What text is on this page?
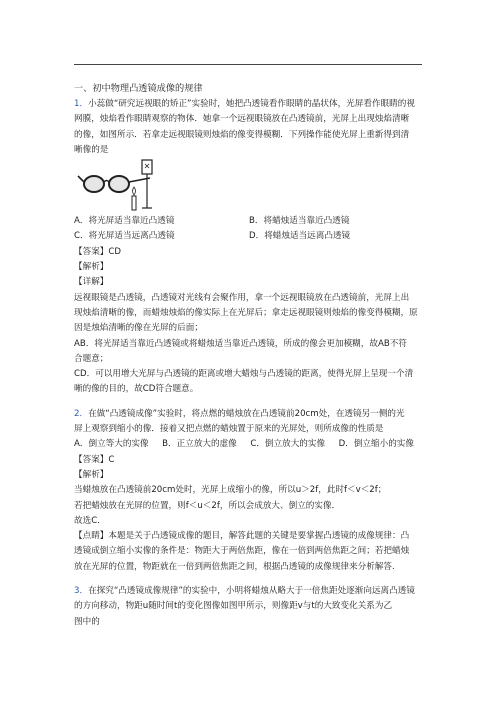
一、初中物理凸透镜成像的规律

1．小蕊做“研究远视眼的矫正”实验时，她把凸透镜看作眼睛的晶状体，光屏看作眼睛的视

网膜，烛焰看作眼睛观察的物体．她拿一个远视眼镜放在凸透镜前，光屏上出现烛焰清晰

的像，如图所示．若拿走远视眼镜则烛焰的像变得模糊．下列操作能使光屏上重新得到清

晰像的是

A．将光屏适当靠近凸透镜	B．将蜡烛适当靠近凸透镜
C．将光屏适当远离凸透镜	D．将蜡烛适当远离凸透镜

【答案】CD

【解析】

【详解】

远视眼镜是凸透镜，凸透镜对光线有会聚作用，拿一个远视眼镜放在凸透镜前，光屏上出

现烛焰清晰的像，而蜡烛烛焰的像实际上在光屏后；拿走远视眼镜则烛焰的像变得模糊，原

因是烛焰清晰的像在光屏的后面；

AB．将光屏适当靠近凸透镜或将蜡烛适当靠近凸透镜，所成的像会更加模糊，故AB不符

合题意；

CD．可以用增大光屏与凸透镜的距离或增大蜡烛与凸透镜的距离，使得光屏上呈现一个清

晰的像的目的，故CD符合题意。

2．在做“凸透镜成像”实验时，将点燃的蜡烛放在凸透镜前20cm处，在透镜另一侧的光

屏上观察到缩小的像．接着又把点燃的蜡烛置于原来的光屏处，则所成像的性质是

A．倒立等大的实像 B．正立放大的虚像 C．倒立放大的实像 D．倒立缩小的实像

【答案】C

【解析】

当蜡烛放在凸透镜前20cm处时，光屏上成缩小的像，所以u＞2f，此时f＜v＜2f；

若把蜡烛放在光屏的位置，则f＜u＜2f，所以会成放大、倒立的实像．

故选C．

【点睛】本题是关于凸透镜成像的题目，解答此题的关键是要掌握凸透镜的成像规律：凸

透镜成倒立缩小实像的条件是：物距大于两倍焦距，像在一倍到两倍焦距之间；若把蜡烛

放在光屏的位置，物距就在一倍到两倍焦距之间，根据凸透镜的成像规律来分析解答.

3．在探究“凸透镜成像规律”的实验中，小明将蜡烛从略大于一倍焦距处逐渐向远离凸透镜

的方向移动，物距u随时间t的变化图像如图甲所示，则像距v与t的大致变化关系为乙

图中的
